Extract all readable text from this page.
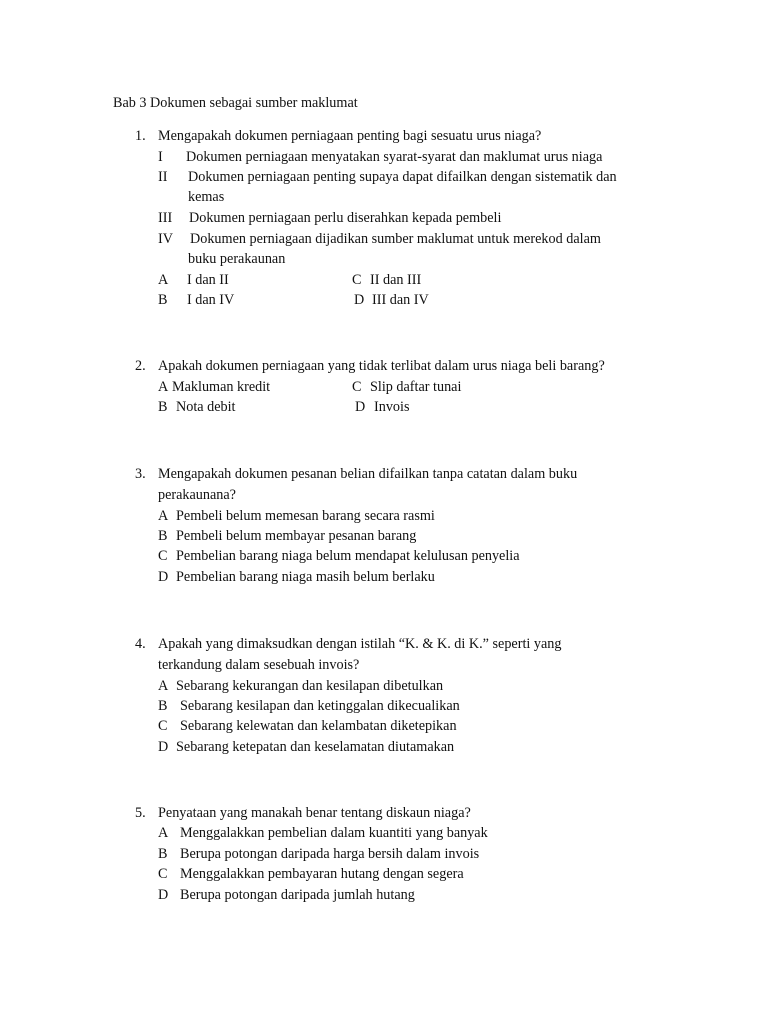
Bab 3 Dokumen sebagai sumber maklumat
1. Mengapakah dokumen perniagaan penting bagi sesuatu urus niaga?
I Dokumen perniagaan menyatakan syarat-syarat dan maklumat urus niaga
II Dokumen perniagaan penting supaya dapat difailkan dengan sistematik dan
kemas
III Dokumen perniagaan perlu diserahkan kepada pembeli
IV Dokumen perniagaan dijadikan sumber maklumat untuk merekod dalam
buku perakaunan
A I dan II	C II dan III
B I dan IV	D III dan IV
2. Apakah dokumen perniagaan yang tidak terlibat dalam urus niaga beli barang?
A Makluman kredit	C Slip daftar tunai
B Nota debit	D Invois
3. Mengapakah dokumen pesanan belian difailkan tanpa catatan dalam buku
perakaunana?
A Pembeli belum memesan barang secara rasmi
B Pembeli belum membayar pesanan barang
C Pembelian barang niaga belum mendapat kelulusan penyelia
D Pembelian barang niaga masih belum berlaku
4. Apakah yang dimaksudkan dengan istilah “K. & K. di K.” seperti yang
terkandung dalam sesebuah invois?
A Sebarang kekurangan dan kesilapan dibetulkan
B Sebarang kesilapan dan ketinggalan dikecualikan
C Sebarang kelewatan dan kelambatan diketepikan
D Sebarang ketepatan dan keselamatan diutamakan
5. Penyataan yang manakah benar tentang diskaun niaga?
A Menggalakkan pembelian dalam kuantiti yang banyak
B Berupa potongan daripada harga bersih dalam invois
C Menggalakkan pembayaran hutang dengan segera
D Berupa potongan daripada jumlah hutang
